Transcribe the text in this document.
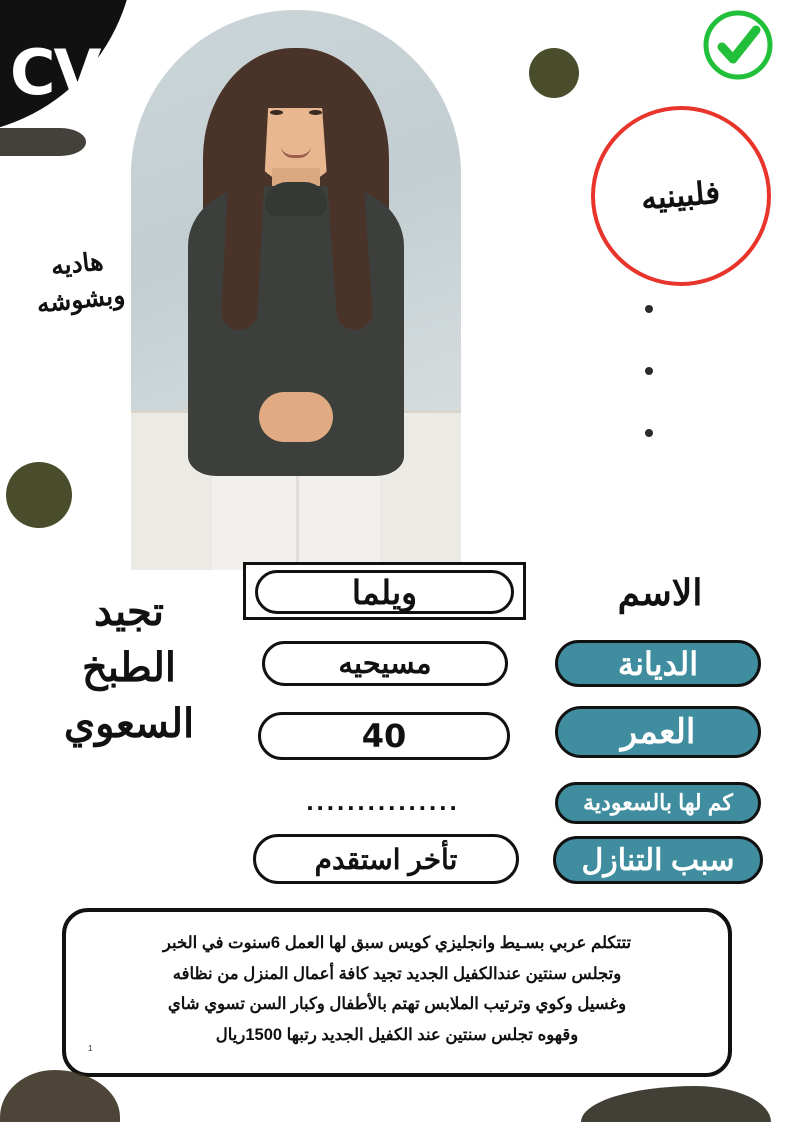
CV
فلبينيه
هاديه
وبشوشه
تجيد
الطبخ
السعوي
الاسم
الديانة
العمر
كم لها بالسعودية
سبب التنازل
ويلما
مسيحيه
40
...............
تأخر استقدم
تتتكلم عربي بسـيط وانجليزي كويس سبق لها العمل 6سنوت في الخبر
وتجلس سنتين عندالكفيل الجديد تجيد كافة أعمال المنزل من نظافه
وغسيل وكوي وترتيب الملابس تهتم بالأطفال وكبار السن تسوي شاي
وقهوه تجلس سنتين عند الكفيل الجديد رتبها 1500ريال
1
